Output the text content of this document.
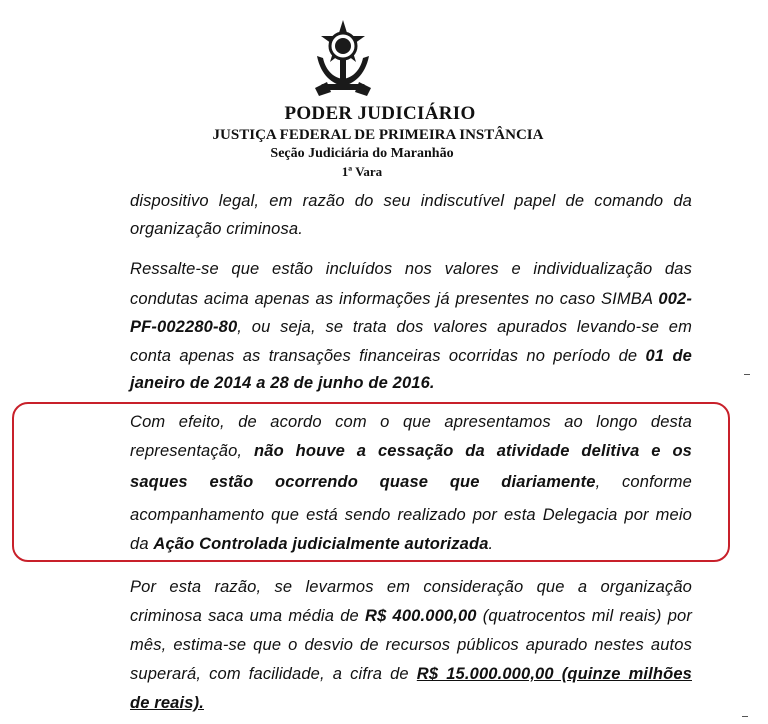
PODER JUDICIÁRIO
JUSTIÇA FEDERAL DE PRIMEIRA INSTÂNCIA
Seção Judiciária do Maranhão
1ª Vara
dispositivo legal, em razão do seu indiscutível papel de comando da
organização criminosa.
Ressalte-se que estão incluídos nos valores e individualização das
condutas acima apenas as informações já presentes no caso SIMBA 002-
PF-002280-80, ou seja, se trata dos valores apurados levando-se em
conta apenas as transações financeiras ocorridas no período de 01 de
janeiro de 2014 a 28 de junho de 2016.
Com efeito, de acordo com o que apresentamos ao longo desta
representação, não houve a cessação da atividade delitiva e os
saques estão ocorrendo quase que diariamente, conforme
acompanhamento que está sendo realizado por esta Delegacia por meio
da Ação Controlada judicialmente autorizada.
Por esta razão, se levarmos em consideração que a organização
criminosa saca uma média de R$ 400.000,00 (quatrocentos mil reais) por
mês, estima-se que o desvio de recursos públicos apurado nestes autos
superará, com facilidade, a cifra de R$ 15.000.000,00 (quinze milhões
de reais).
